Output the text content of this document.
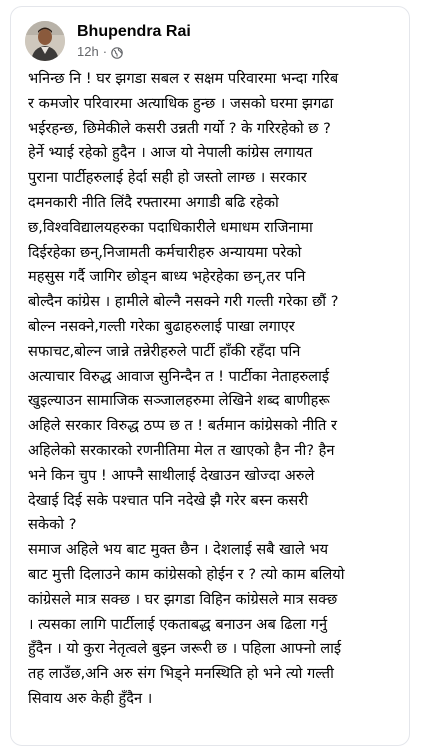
Bhupendra Rai
12h ·
भनिन्छ नि ! घर झगडा सबल र सक्षम परिवारमा भन्दा गरिब
र कमजोर परिवारमा अत्याधिक हुन्छ । जसको घरमा झगढा
भईरहन्छ, छिमेकीले कसरी उन्नती गर्यो ? के गरिरहेको छ ?
हेर्ने भ्याई रहेको हुदैन । आज यो नेपाली कांग्रेस लगायत
पुराना पार्टीहरुलाई हेर्दा सही हो जस्तो लाग्छ । सरकार
दमनकारी नीति लिंदै रफ्तारमा अगाडी बढि रहेको
छ,विश्वविद्यालयहरुका पदाधिकारीले धमाधम राजिनामा
दिईरहेका छन्,निजामती कर्मचारीहरु अन्यायमा परेको
महसुस गर्दै जागिर छोड्न बाध्य भहेरहेका छन्,तर पनि
बोल्दैन कांग्रेस । हामीले बोल्नै नसक्ने गरी गल्ती गरेका छौं ?
बोल्न नसक्ने,गल्ती गरेका बुढाहरुलाई पाखा लगाएर
सफाचट,बोल्न जान्ने तन्नेरीहरुले पार्टी हाँकी रहँदा पनि
अत्याचार विरुद्ध आवाज सुनिन्दैन त ! पार्टीका नेताहरुलाई
खुइल्याउन सामाजिक सञ्जालहरुमा लेखिने शब्द बाणीहरू
अहिले सरकार विरुद्ध ठप्प छ त ! बर्तमान कांग्रेसको नीति र
अहिलेको सरकारको रणनीतिमा मेल त खाएको हैन नी? हैन
भने किन चुप ! आफ्नै साथीलाई देखाउन खोज्दा अरुले
देखाई दिई सके पश्चात पनि नदेखे झै गरेर बस्न कसरी
सकेको ?
समाज अहिले भय बाट मुक्त छैन । देशलाई सबै खाले भय
बाट मुत्ती दिलाउने काम कांग्रेसको होईन र ? त्यो काम बलियो
कांग्रेसले मात्र सक्छ । घर झगडा विहिन कांग्रेसले मात्र सक्छ
। त्यसका लागि पार्टीलाई एकताबद्ध बनाउन अब ढिला गर्नु
हुँदैन । यो कुरा नेतृत्वले बुझ्न जरूरी छ । पहिला आफ्नो लाई
तह लाउँछ,अनि अरु संग भिड्ने मनस्थिति हो भने त्यो गल्ती
सिवाय अरु केही हुँदैन ।
